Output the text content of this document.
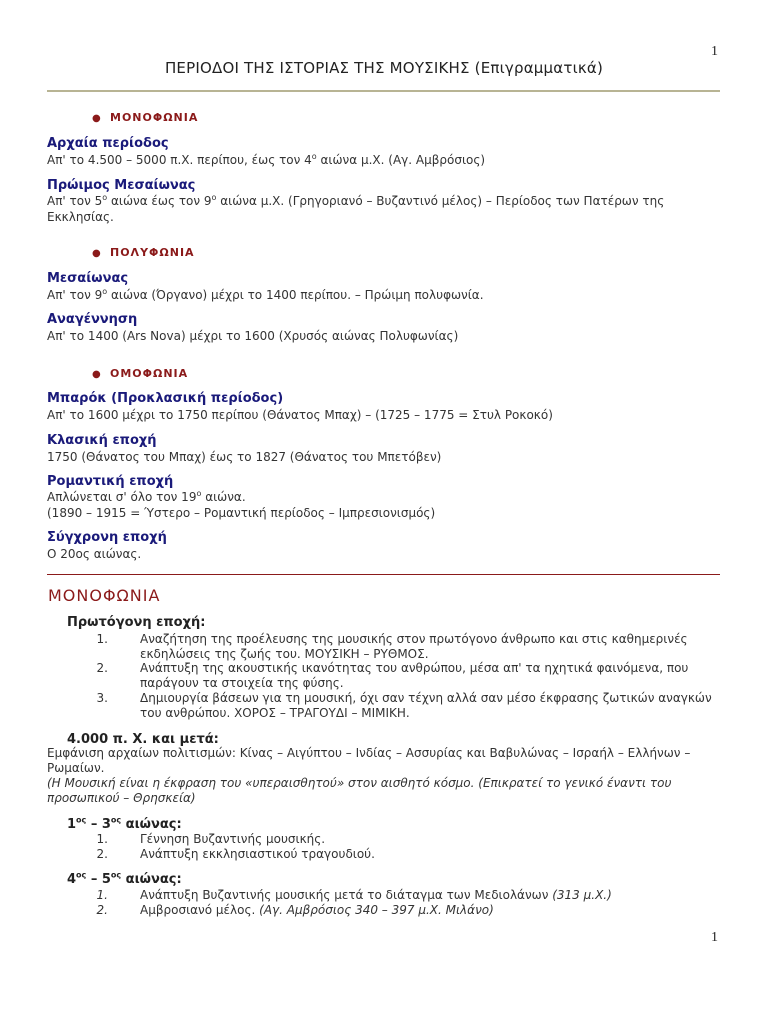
1
ΠΕΡΙΟΔΟΙ ΤΗΣ ΙΣΤΟΡΙΑΣ ΤΗΣ ΜΟΥΣΙΚΗΣ (Επιγραμματικά)
● ΜΟΝΟΦΩΝΙΑ
Αρχαία περίοδος
Απ' το 4.500 – 5000 π.Χ. περίπου, έως τον $4^o$ αιώνα μ.Χ. (Αγ. Αμβρόσιος)
Πρώιμος Μεσαίωνας
Απ' τον $5^o$ αιώνα έως τον $9^o$ αιώνα μ.Χ. (Γρηγοριανό – Βυζαντινό μέλος) – Περίοδος των Πατέρων της Εκκλησίας.
● ΠΟΛΥΦΩΝΙΑ
Μεσαίωνας
Απ' τον $9^o$ αιώνα (Όργανο) μέχρι το 1400 περίπου. – Πρώιμη πολυφωνία.
Αναγέννηση
Απ' το 1400 (Ars Nova) μέχρι το 1600 (Χρυσός αιώνας Πολυφωνίας)
● ΟΜΟΦΩΝΙΑ
Μπαρόκ (Προκλασική περίοδος)
Απ' το 1600 μέχρι το 1750 περίπου (Θάνατος Μπαχ) – (1725 – 1775 = Στυλ Ροκοκό)
Κλασική εποχή
1750 (Θάνατος του Μπαχ) έως το 1827 (Θάνατος του Μπετόβεν)
Ρομαντική εποχή
Απλώνεται σ' όλο τον $19^o$ αιώνα.
(1890 – 1915 = Ύστερο – Ρομαντική περίοδος – Ιμπρεσιονισμός)
Σύγχρονη εποχή
Ο 20ος αιώνας.
ΜΟΝΟΦΩΝΙΑ
Πρωτόγονη εποχή:
1.	Αναζήτηση της προέλευσης της μουσικής στον πρωτόγονο άνθρωπο και στις καθημερινές εκδηλώσεις της ζωής του. ΜΟΥΣΙΚΗ – ΡΥΘΜΟΣ.
2.	Ανάπτυξη της ακουστικής ικανότητας του ανθρώπου, μέσα απ' τα ηχητικά φαινόμενα, που παράγουν τα στοιχεία της φύσης.
3.	Δημιουργία βάσεων για τη μουσική, όχι σαν τέχνη αλλά σαν μέσο έκφρασης ζωτικών αναγκών του ανθρώπου. ΧΟΡΟΣ – ΤΡΑΓΟΥΔΙ – ΜΙΜΙΚΗ.
4.000 π. Χ. και μετά:
Εμφάνιση αρχαίων πολιτισμών: Κίνας – Αιγύπτου – Ινδίας – Ασσυρίας και Βαβυλώνας – Ισραήλ – Ελλήνων – Ρωμαίων.
(Η Μουσική είναι η έκφραση του «υπεραισθητού» στον αισθητό κόσμο. (Επικρατεί το γενικό έναντι του προσωπικού – Θρησκεία)
$1^{o\varsigma} - 3^{o\varsigma}$ αιώνας:
1.	Γέννηση Βυζαντινής μουσικής.
2.	Ανάπτυξη εκκλησιαστικού τραγουδιού.
$4^{o\varsigma} - 5^{o\varsigma}$ αιώνας:
1.	Ανάπτυξη Βυζαντινής μουσικής μετά το διάταγμα των Μεδιολάνων (313 μ.Χ.)
2.	Αμβροσιανό μέλος. (Αγ. Αμβρόσιος 340 – 397 μ.Χ. Μιλάνο)
1
